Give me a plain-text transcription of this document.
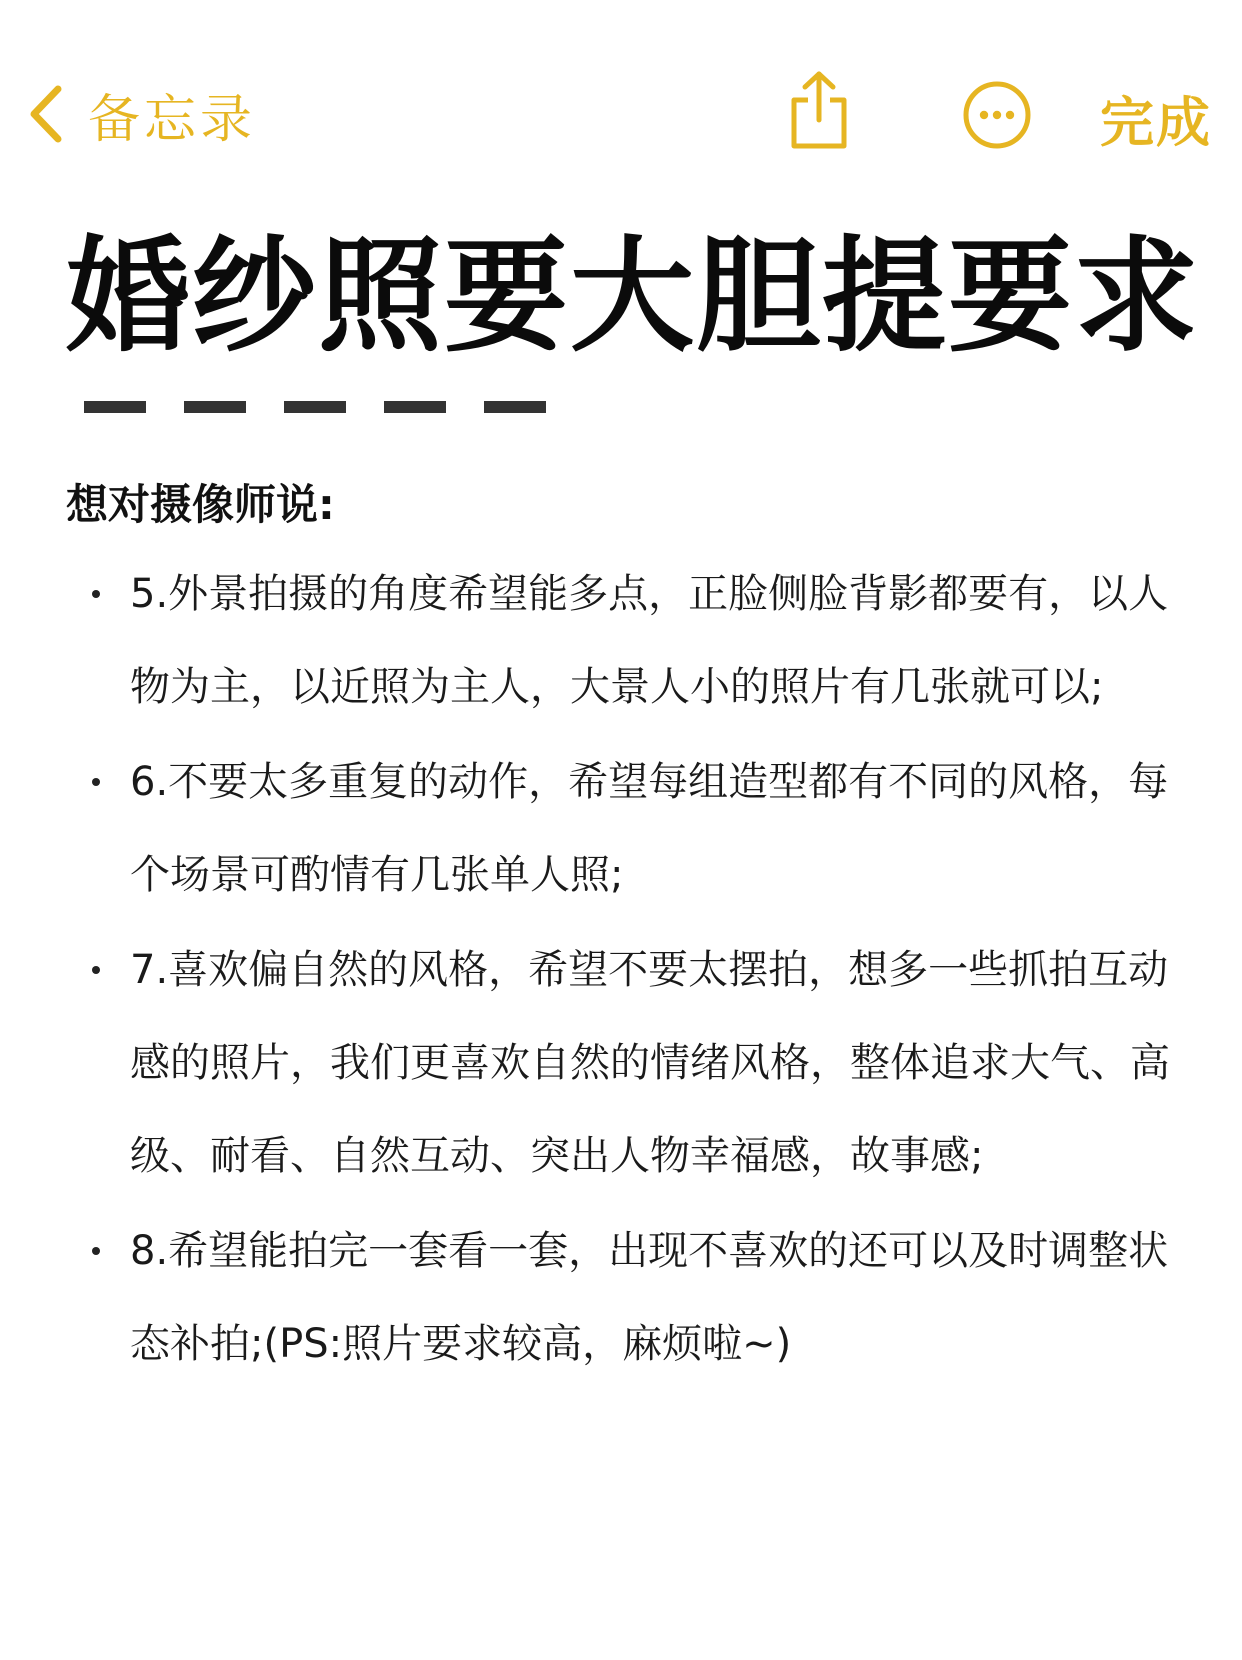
备忘录	完成
婚纱照要大胆提要求
想对摄像师说:
5.外景拍摄的角度希望能多点，正脸侧脸背影都要有，以人物为主，以近照为主人，大景人小的照片有几张就可以;
6.不要太多重复的动作，希望每组造型都有不同的风格，每个场景可酌情有几张单人照;
7.喜欢偏自然的风格，希望不要太摆拍，想多一些抓拍互动感的照片，我们更喜欢自然的情绪风格，整体追求大气、高级、耐看、自然互动、突出人物幸福感，故事感;
8.希望能拍完一套看一套，出现不喜欢的还可以及时调整状态补拍;(PS:照片要求较高，麻烦啦~)
